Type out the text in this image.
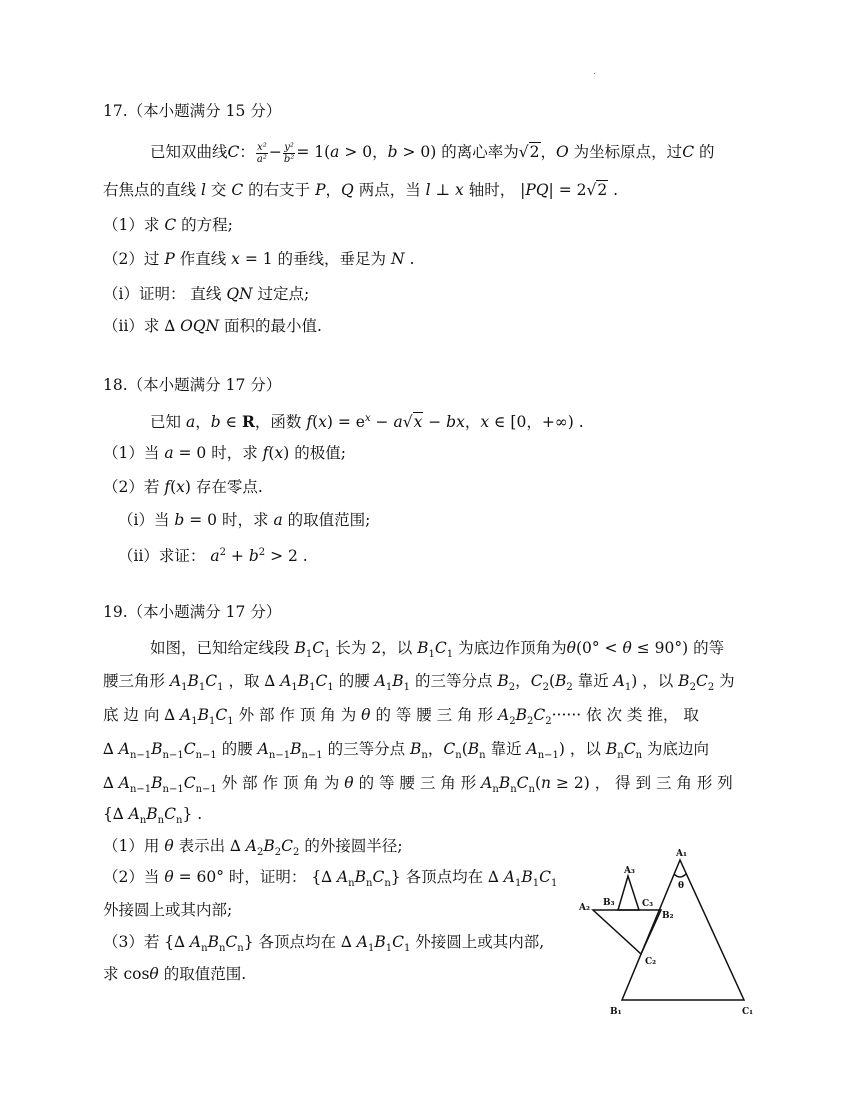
.
17.（本小题满分 15 分）
已知双曲线C： $\frac{\text{x²}}{\text{a²}} - \frac{\text{y²}}{\text{b²}} = 1(a > 0$，b > 0) 的离心率为√2，O 为坐标原点，过C 的
右焦点的直线 l 交 C 的右支于 P，Q 两点，当 l ⊥ x 轴时， |PQ| = 2√2 .
（1）求 C 的方程;
（2）过 P 作直线 x = 1 的垂线，垂足为 N .
（i）证明： 直线 QN 过定点;
（ii）求 ∆ OQN 面积的最小值.
18.（本小题满分 17 分）
已知 a，b ∈ R，函数 $f(x) = e^x - a√x$ − bx，x ∈ [0，+∞) .
（1）当 a = 0 时，求 f(x) 的极值;
（2）若 f(x) 存在零点.
（i）当 b = 0 时，求 a 的取值范围;
（ii）求证： $a^2 + b^2 > 2$ .
19.（本小题满分 17 分）
如图，已知给定线段 $B_1C_1$ 长为 2，以 $B_1C_1$ 为底边作顶角为θ(0° < θ ≤ 90°) 的等
腰三角形 $A_1B_1C_1$ ，取 ∆ $A_1B_1C_1$ 的腰 $A_1B_1$ 的三等分点 $B_2$，$C_2(B_2$ 靠近 $A_1$) ，以 $B_2C_2$ 为
底 边 向 ∆ $A_1B_1C_1$ 外 部 作 顶 角 为 θ 的 等 腰 三 角 形 $A_2B_2C_2\cdot\cdot\cdot\cdot\cdot\cdot$ 依 次 类 推， 取
∆ $A_{n-1}B_{n-1}C_{n-1}$ 的腰 $A_{n-1}B_{n-1}$ 的三等分点 $B_n$，$C_n(B_n$ 靠近 $A_{n-1}$) ，以 $B_nC_n$ 为底边向
∆ $A_{n-1}B_{n-1}C_{n-1}$ 外 部 作 顶 角 为 θ 的 等 腰 三 角 形 $A_nB_nC_n(n \ge 2)$ ， 得 到 三 角 形 列
{∆ $A_nB_nC_n$} .
（1）用 θ 表示出 ∆ $A_2B_2C_2$ 的外接圆半径;
（2）当 θ = 60° 时，证明： {∆ $A_nB_nC_n$} 各顶点均在 ∆ $A_1B_1C_1$
外接圆上或其内部;
（3）若 {∆ $A_nB_nC_n$} 各顶点均在 ∆ $A_1B_1C_1$ 外接圆上或其内部,
求 cosθ 的取值范围.
A₁
θ
B₁	C₁
A₂
B₂
C₂
A₃
B₃	C₃
